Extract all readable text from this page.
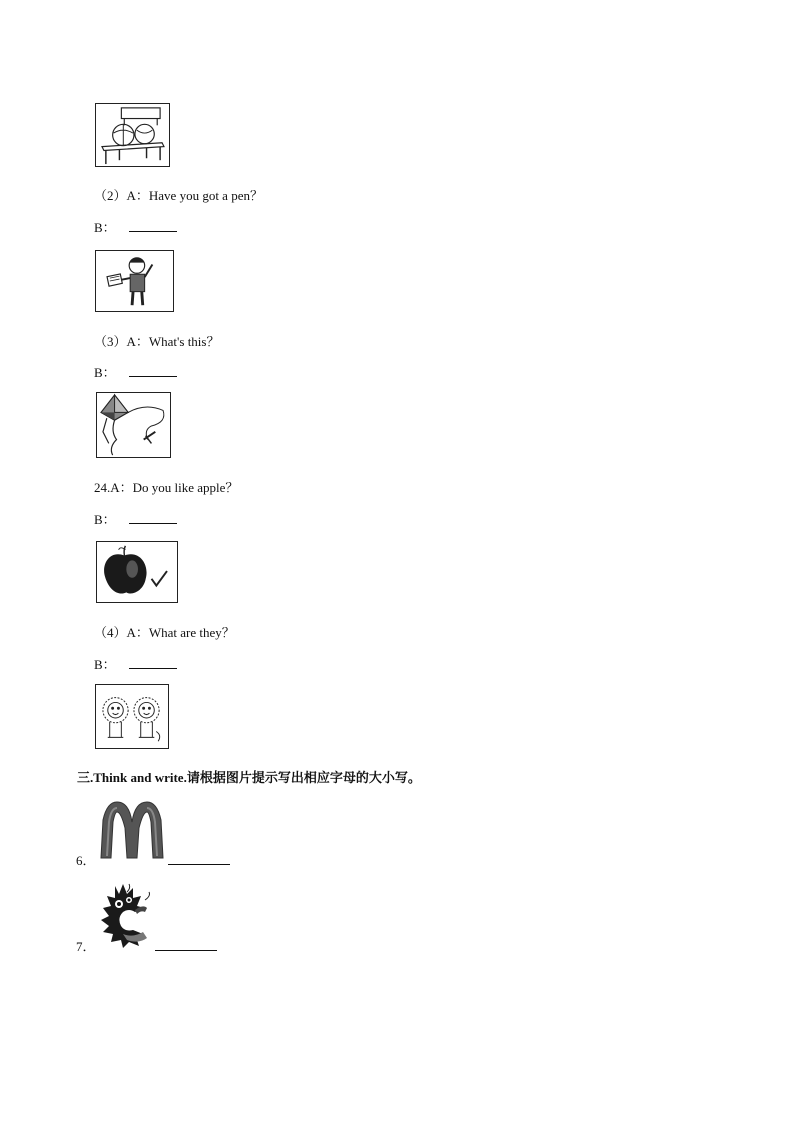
（2）A：Have you got a pen？
B：
（3）A：What's this？
B：
24.A：Do you like apple？
B：
（4）A：What are they？
B：
三.Think and write.请根据图片提示写出相应字母的大小写。
6．
7．
